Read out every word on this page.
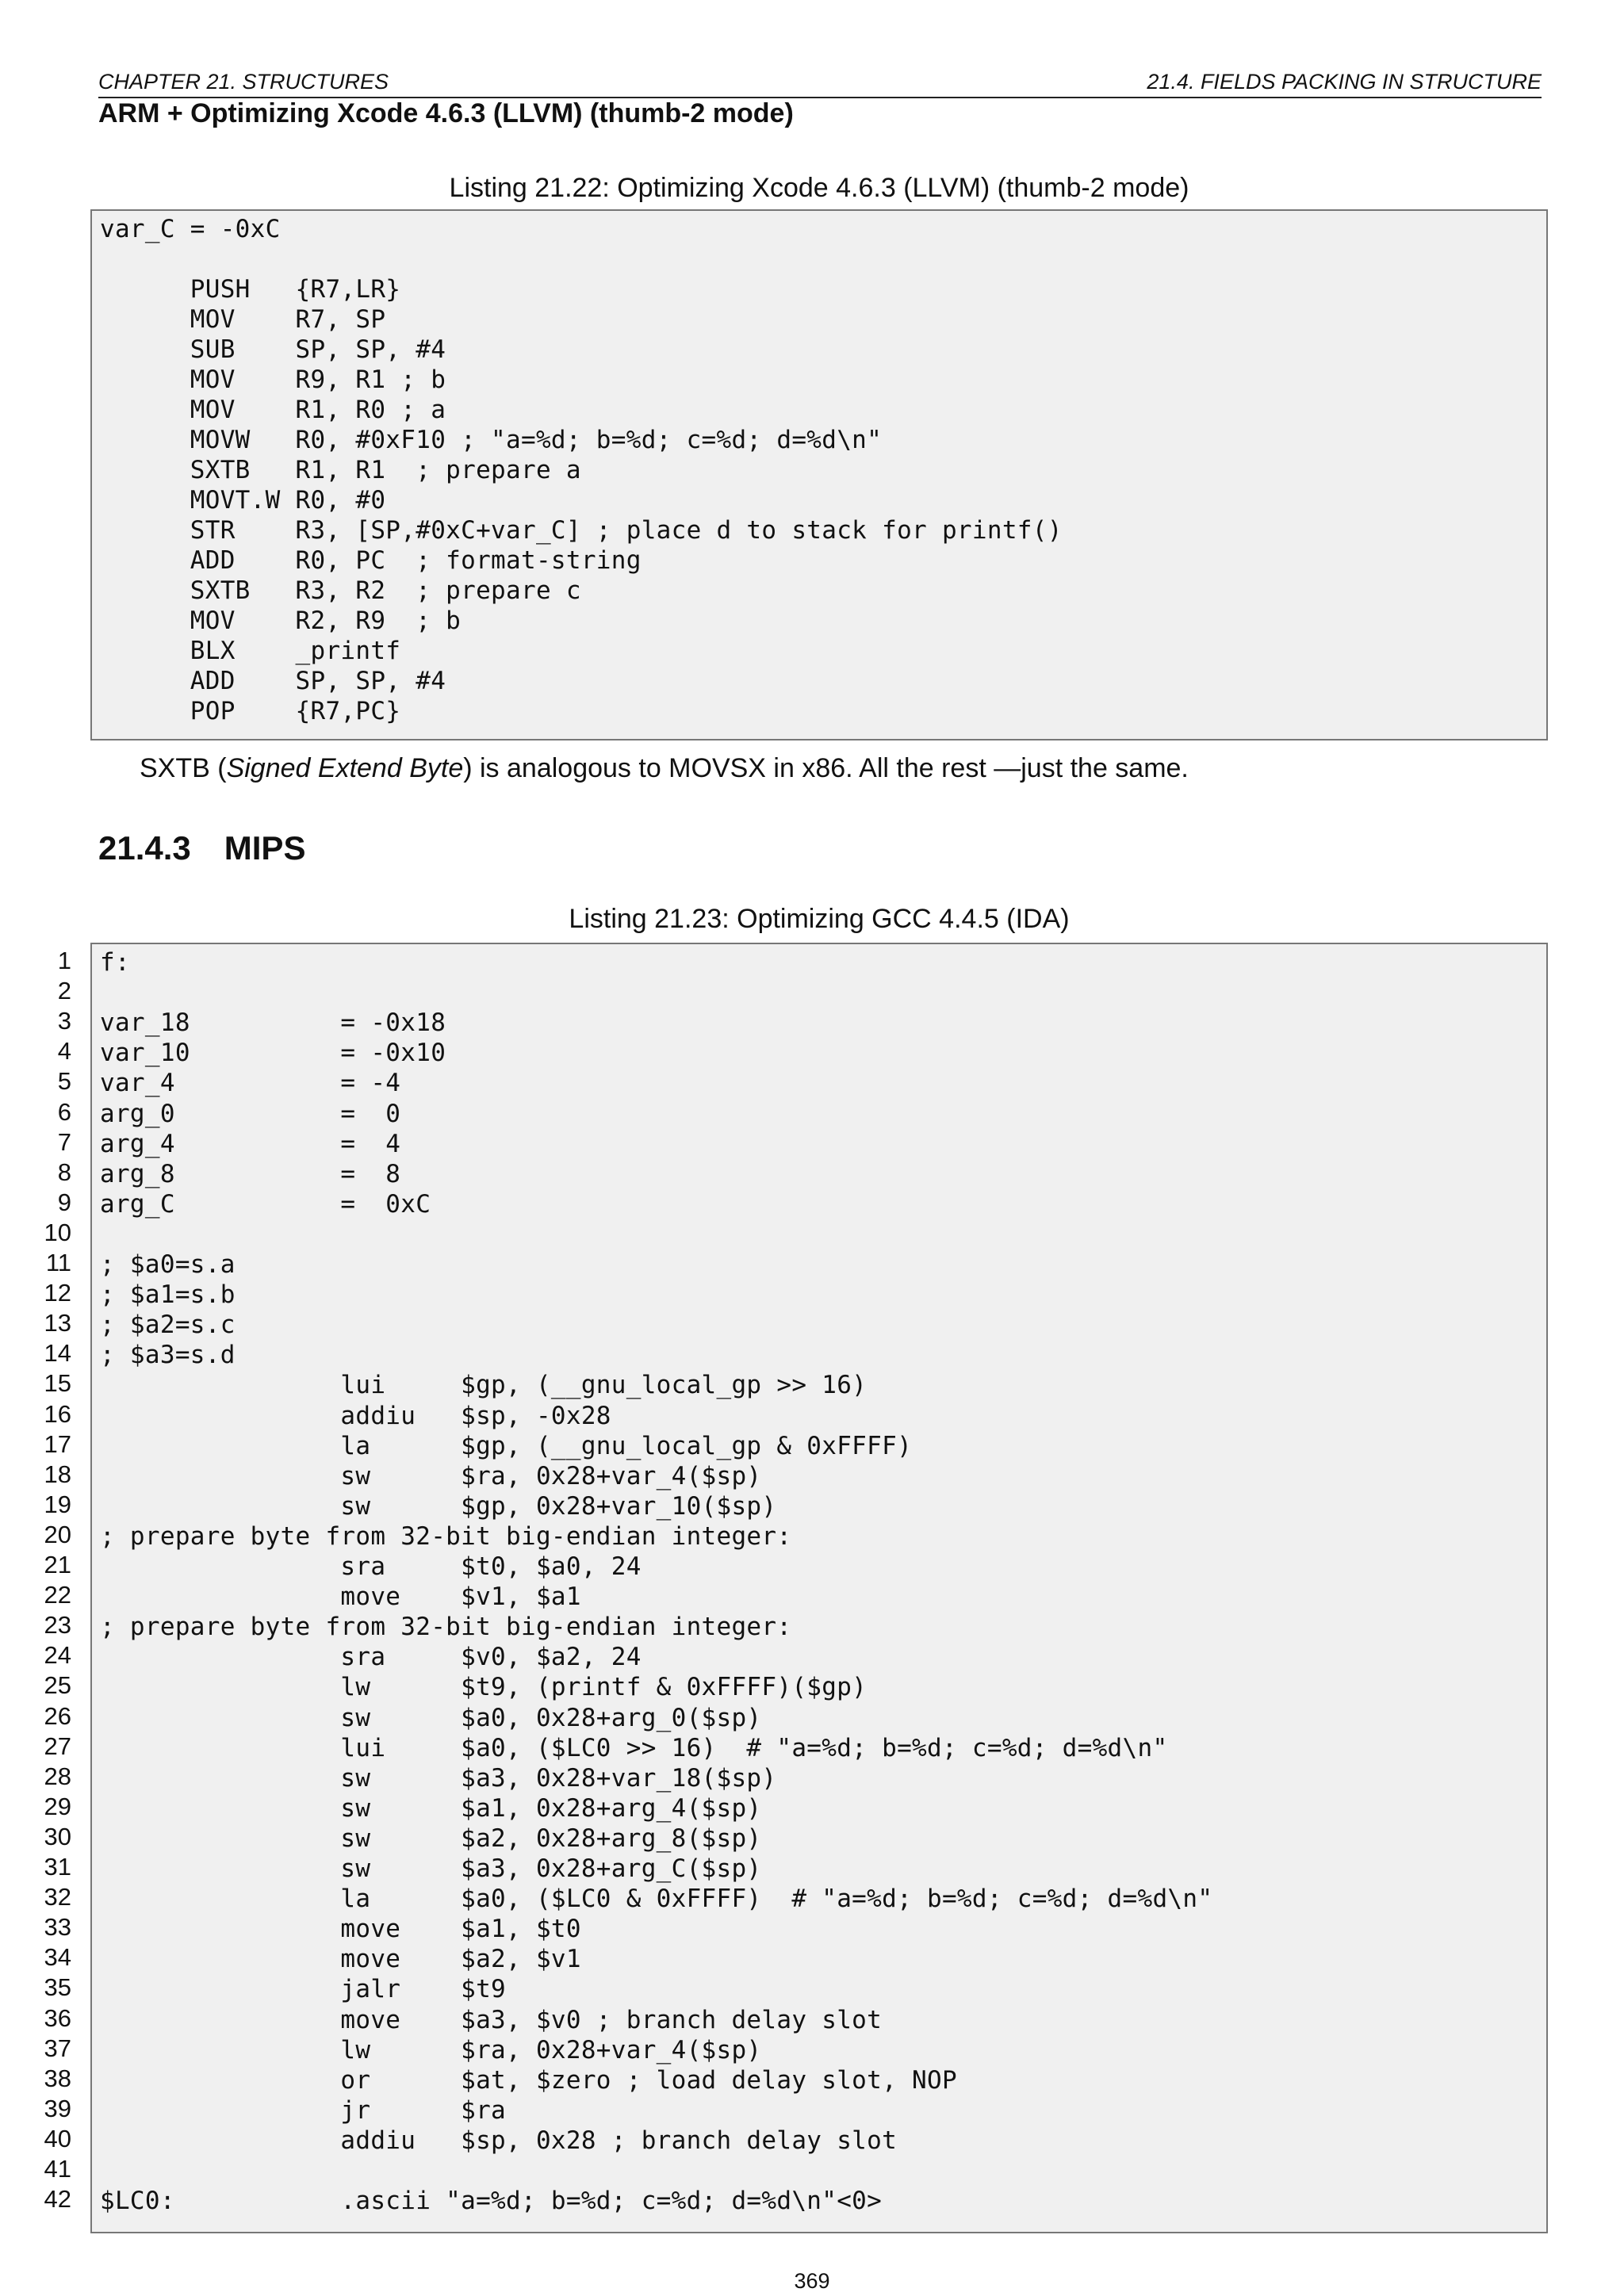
CHAPTER 21. STRUCTURES	21.4. FIELDS PACKING IN STRUCTURE
ARM + Optimizing Xcode 4.6.3 (LLVM) (thumb-2 mode)
Listing 21.22: Optimizing Xcode 4.6.3 (LLVM) (thumb-2 mode)
var_C = -0xC
PUSH   {R7,LR}
MOV    R7, SP
SUB    SP, SP, #4
MOV    R9, R1 ; b
MOV    R1, R0 ; a
MOVW   R0, #0xF10 ; "a=%d; b=%d; c=%d; d=%d\n"
SXTB   R1, R1  ; prepare a
MOVT.W R0, #0
STR    R3, [SP,#0xC+var_C] ; place d to stack for printf()
ADD    R0, PC  ; format-string
SXTB   R3, R2  ; prepare c
MOV    R2, R9  ; b
BLX    _printf
ADD    SP, SP, #4
POP    {R7,PC}
SXTB (Signed Extend Byte) is analogous to MOVSX in x86. All the rest —just the same.
21.4.3 MIPS
Listing 21.23: Optimizing GCC 4.4.5 (IDA)
1
2
3
4
5
6
7
8
9
10
11
12
13
14
15
16
17
18
19
20
21
22
23
24
25
26
27
28
29
30
31
32
33
34
35
36
37
38
39
40
41
42
f:
var_18          = -0x18
var_10          = -0x10
var_4           = -4
arg_0           =  0
arg_4           =  4
arg_8           =  8
arg_C           =  0xC
; $a0=s.a
; $a1=s.b
; $a2=s.c
; $a3=s.d
lui     $gp, (__gnu_local_gp >> 16)
addiu   $sp, -0x28
la      $gp, (__gnu_local_gp & 0xFFFF)
sw      $ra, 0x28+var_4($sp)
sw      $gp, 0x28+var_10($sp)
; prepare byte from 32-bit big-endian integer:
sra     $t0, $a0, 24
move    $v1, $a1
; prepare byte from 32-bit big-endian integer:
sra     $v0, $a2, 24
lw      $t9, (printf & 0xFFFF)($gp)
sw      $a0, 0x28+arg_0($sp)
lui     $a0, ($LC0 >> 16)  # "a=%d; b=%d; c=%d; d=%d\n"
sw      $a3, 0x28+var_18($sp)
sw      $a1, 0x28+arg_4($sp)
sw      $a2, 0x28+arg_8($sp)
sw      $a3, 0x28+arg_C($sp)
la      $a0, ($LC0 & 0xFFFF)  # "a=%d; b=%d; c=%d; d=%d\n"
move    $a1, $t0
move    $a2, $v1
jalr    $t9
move    $a3, $v0 ; branch delay slot
lw      $ra, 0x28+var_4($sp)
or      $at, $zero ; load delay slot, NOP
jr      $ra
addiu   $sp, 0x28 ; branch delay slot
$LC0:           .ascii "a=%d; b=%d; c=%d; d=%d\n"<0>
369
